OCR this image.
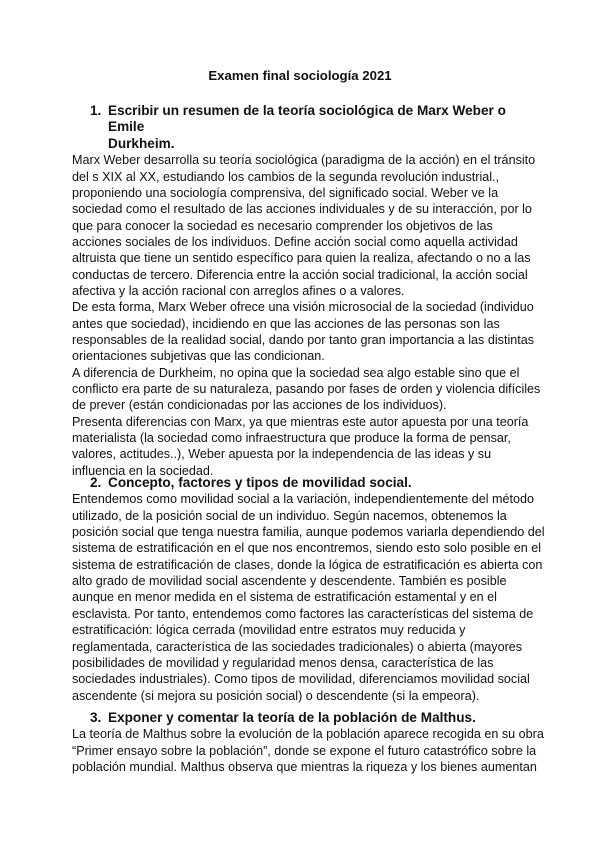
Examen final sociología 2021
1. Escribir un resumen de la teoría sociológica de Marx Weber o Emile
Durkheim.
Marx Weber desarrolla su teoría sociológica (paradigma de la acción) en el tránsito
del s XIX al XX, estudiando los cambios de la segunda revolución industrial.,
proponiendo una sociología comprensiva, del significado social. Weber ve la
sociedad como el resultado de las acciones individuales y de su interacción, por lo
que para conocer la sociedad es necesario comprender los objetivos de las
acciones sociales de los individuos. Define acción social como aquella actividad
altruista que tiene un sentido específico para quien la realiza, afectando o no a las
conductas de tercero. Diferencia entre la acción social tradicional, la acción social
afectiva y la acción racional con arreglos afines o a valores.
De esta forma, Marx Weber ofrece una visión microsocial de la sociedad (individuo
antes que sociedad), incidiendo en que las acciones de las personas son las
responsables de la realidad social, dando por tanto gran importancia a las distintas
orientaciones subjetivas que las condicionan.
A diferencia de Durkheim, no opina que la sociedad sea algo estable sino que el
conflicto era parte de su naturaleza, pasando por fases de orden y violencia difíciles
de prever (están condicionadas por las acciones de los individuos).
Presenta diferencias con Marx, ya que mientras este autor apuesta por una teoría
materialista (la sociedad como infraestructura que produce la forma de pensar,
valores, actitudes..), Weber apuesta por la independencia de las ideas y su
influencia en la sociedad.
2. Concepto, factores y tipos de movilidad social.
Entendemos como movilidad social a la variación, independientemente del método
utilizado, de la posición social de un individuo. Según nacemos, obtenemos la
posición social que tenga nuestra familia, aunque podemos variarla dependiendo del
sistema de estratificación en el que nos encontremos, siendo esto solo posible en el
sistema de estratificación de clases, donde la lógica de estratificación es abierta con
alto grado de movilidad social ascendente y descendente. También es posible
aunque en menor medida en el sistema de estratificación estamental y en el
esclavista. Por tanto, entendemos como factores las características del sistema de
estratificación: lógica cerrada (movilidad entre estratos muy reducida y
reglamentada, característica de las sociedades tradicionales) o abierta (mayores
posibilidades de movilidad y regularidad menos densa, característica de las
sociedades industriales). Como tipos de movilidad, diferenciamos movilidad social
ascendente (si mejora su posición social) o descendente (si la empeora).
3. Exponer y comentar la teoría de la población de Malthus.
La teoría de Malthus sobre la evolución de la población aparece recogida en su obra
“Primer ensayo sobre la población”, donde se expone el futuro catastrófico sobre la
población mundial. Malthus observa que mientras la riqueza y los bienes aumentan
